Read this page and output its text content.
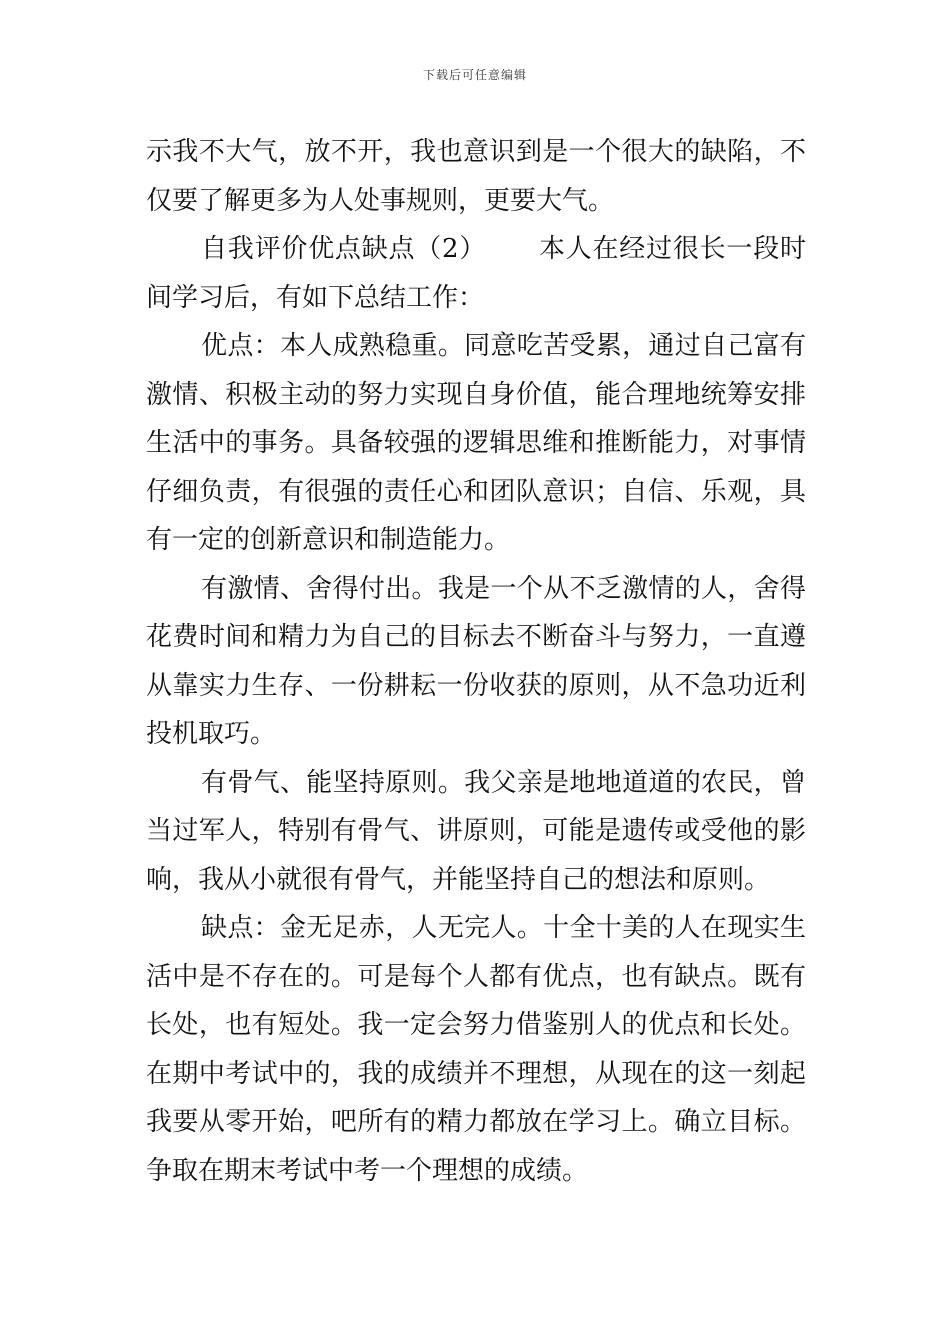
下载后可任意编辑

示我不大气，放不开，我也意识到是一个很大的缺陷，不仅要了解更多为人处事规则，更要大气。

自我评价优点缺点（2） 本人在经过很长一段时间学习后，有如下总结工作：

优点：本人成熟稳重。同意吃苦受累，通过自己富有激情、积极主动的努力实现自身价值，能合理地统筹安排生活中的事务。具备较强的逻辑思维和推断能力，对事情仔细负责，有很强的责任心和团队意识；自信、乐观，具有一定的创新意识和制造能力。

有激情、舍得付出。我是一个从不乏激情的人，舍得花费时间和精力为自己的目标去不断奋斗与努力，一直遵从靠实力生存、一份耕耘一份收获的原则，从不急功近利投机取巧。

有骨气、能坚持原则。我父亲是地地道道的农民，曾当过军人，特别有骨气、讲原则，可能是遗传或受他的影响，我从小就很有骨气，并能坚持自己的想法和原则。

缺点：金无足赤，人无完人。十全十美的人在现实生活中是不存在的。可是每个人都有优点，也有缺点。既有长处，也有短处。我一定会努力借鉴别人的优点和长处。在期中考试中的，我的成绩并不理想，从现在的这一刻起我要从零开始，吧所有的精力都放在学习上。确立目标。争取在期末考试中考一个理想的成绩。
